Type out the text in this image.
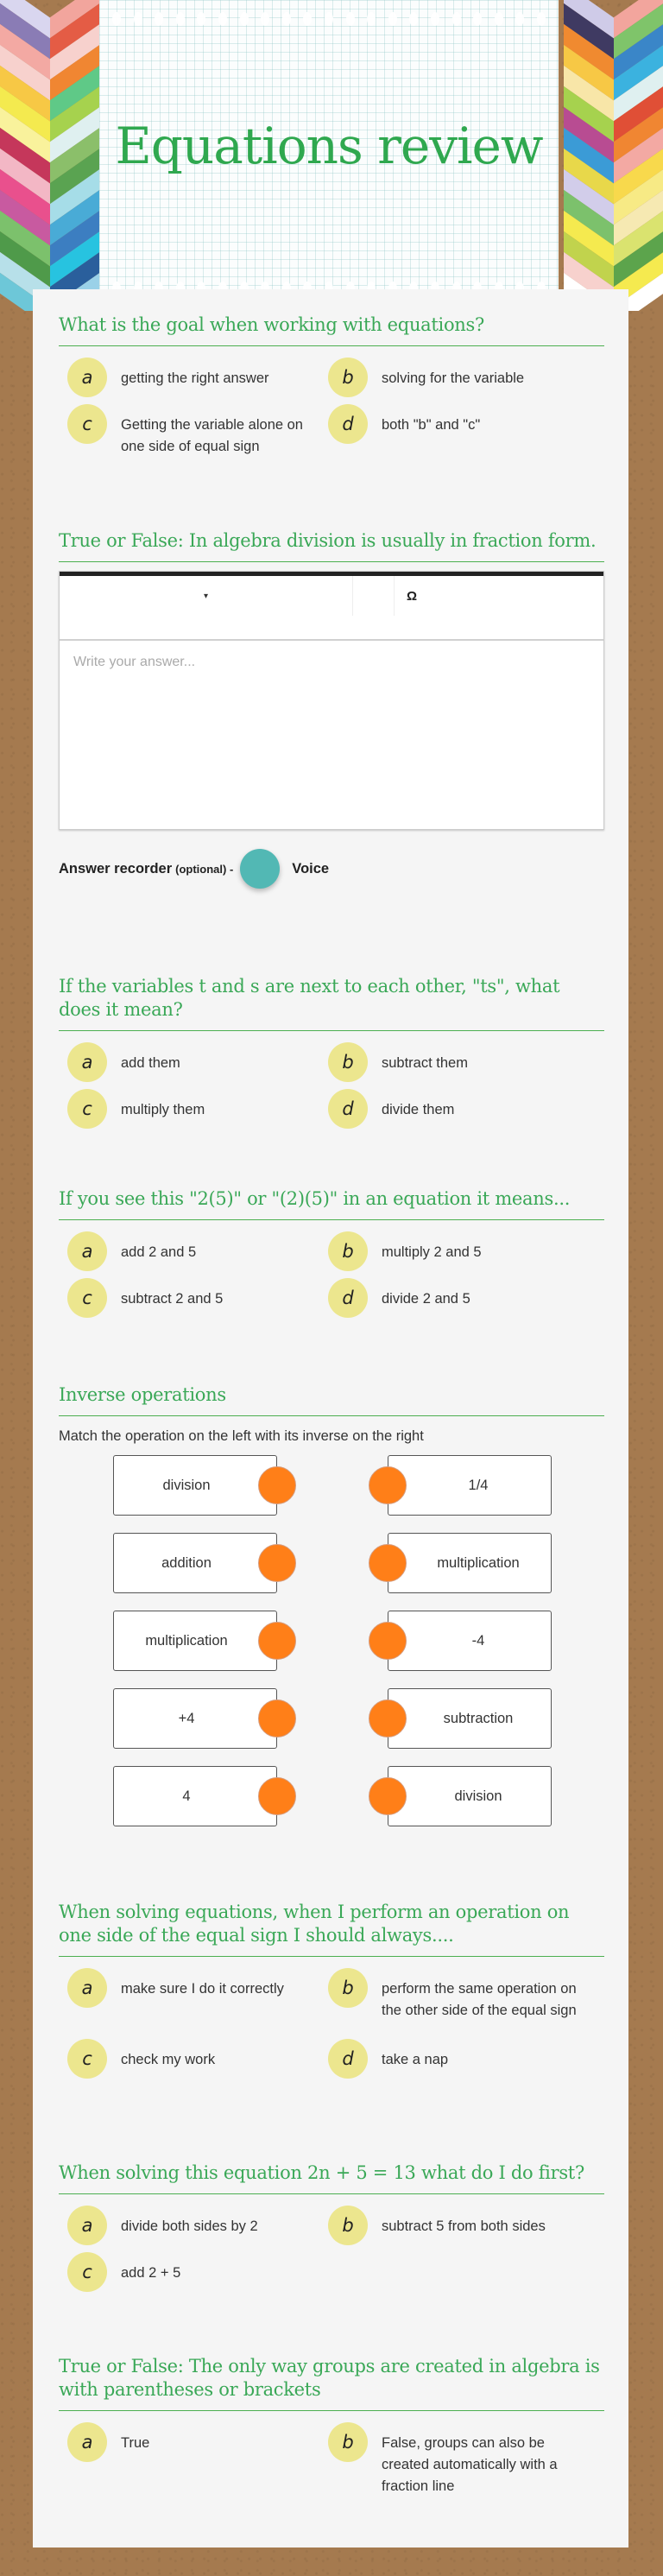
Equations review
What is the goal when working with equations?
a	getting the right answer	b	solving for the variable
c	Getting the variable alone on one side of equal sign
d	both "b" and "c"
True or False: In algebra division is usually in fraction form.
▾	Ω
Write your answer...
Answer recorder (optional) -	Voice
If the variables t and s are next to each other, "ts", what does it mean?
a	add them	b	subtract them
c	multiply them	d	divide them
If you see this "2(5)" or "(2)(5)" in an equation it means...
a	add 2 and 5	b	multiply 2 and 5
c	subtract 2 and 5	d	divide 2 and 5
Inverse operations
Match the operation on the left with its inverse on the right
division	1/4
addition	multiplication
multiplication	-4
+4	subtraction
4	division
When solving equations, when I perform an operation on one side of the equal sign I should always....
a	make sure I do it correctly	b	perform the same operation on the other side of the equal sign
c	check my work	d	take a nap
When solving this equation 2n + 5 = 13 what do I do first?
a	divide both sides by 2	b	subtract 5 from both sides
c	add 2 + 5
True or False: The only way groups are created in algebra is with parentheses or brackets
a	True	b	False, groups can also be created automatically with a fraction line
